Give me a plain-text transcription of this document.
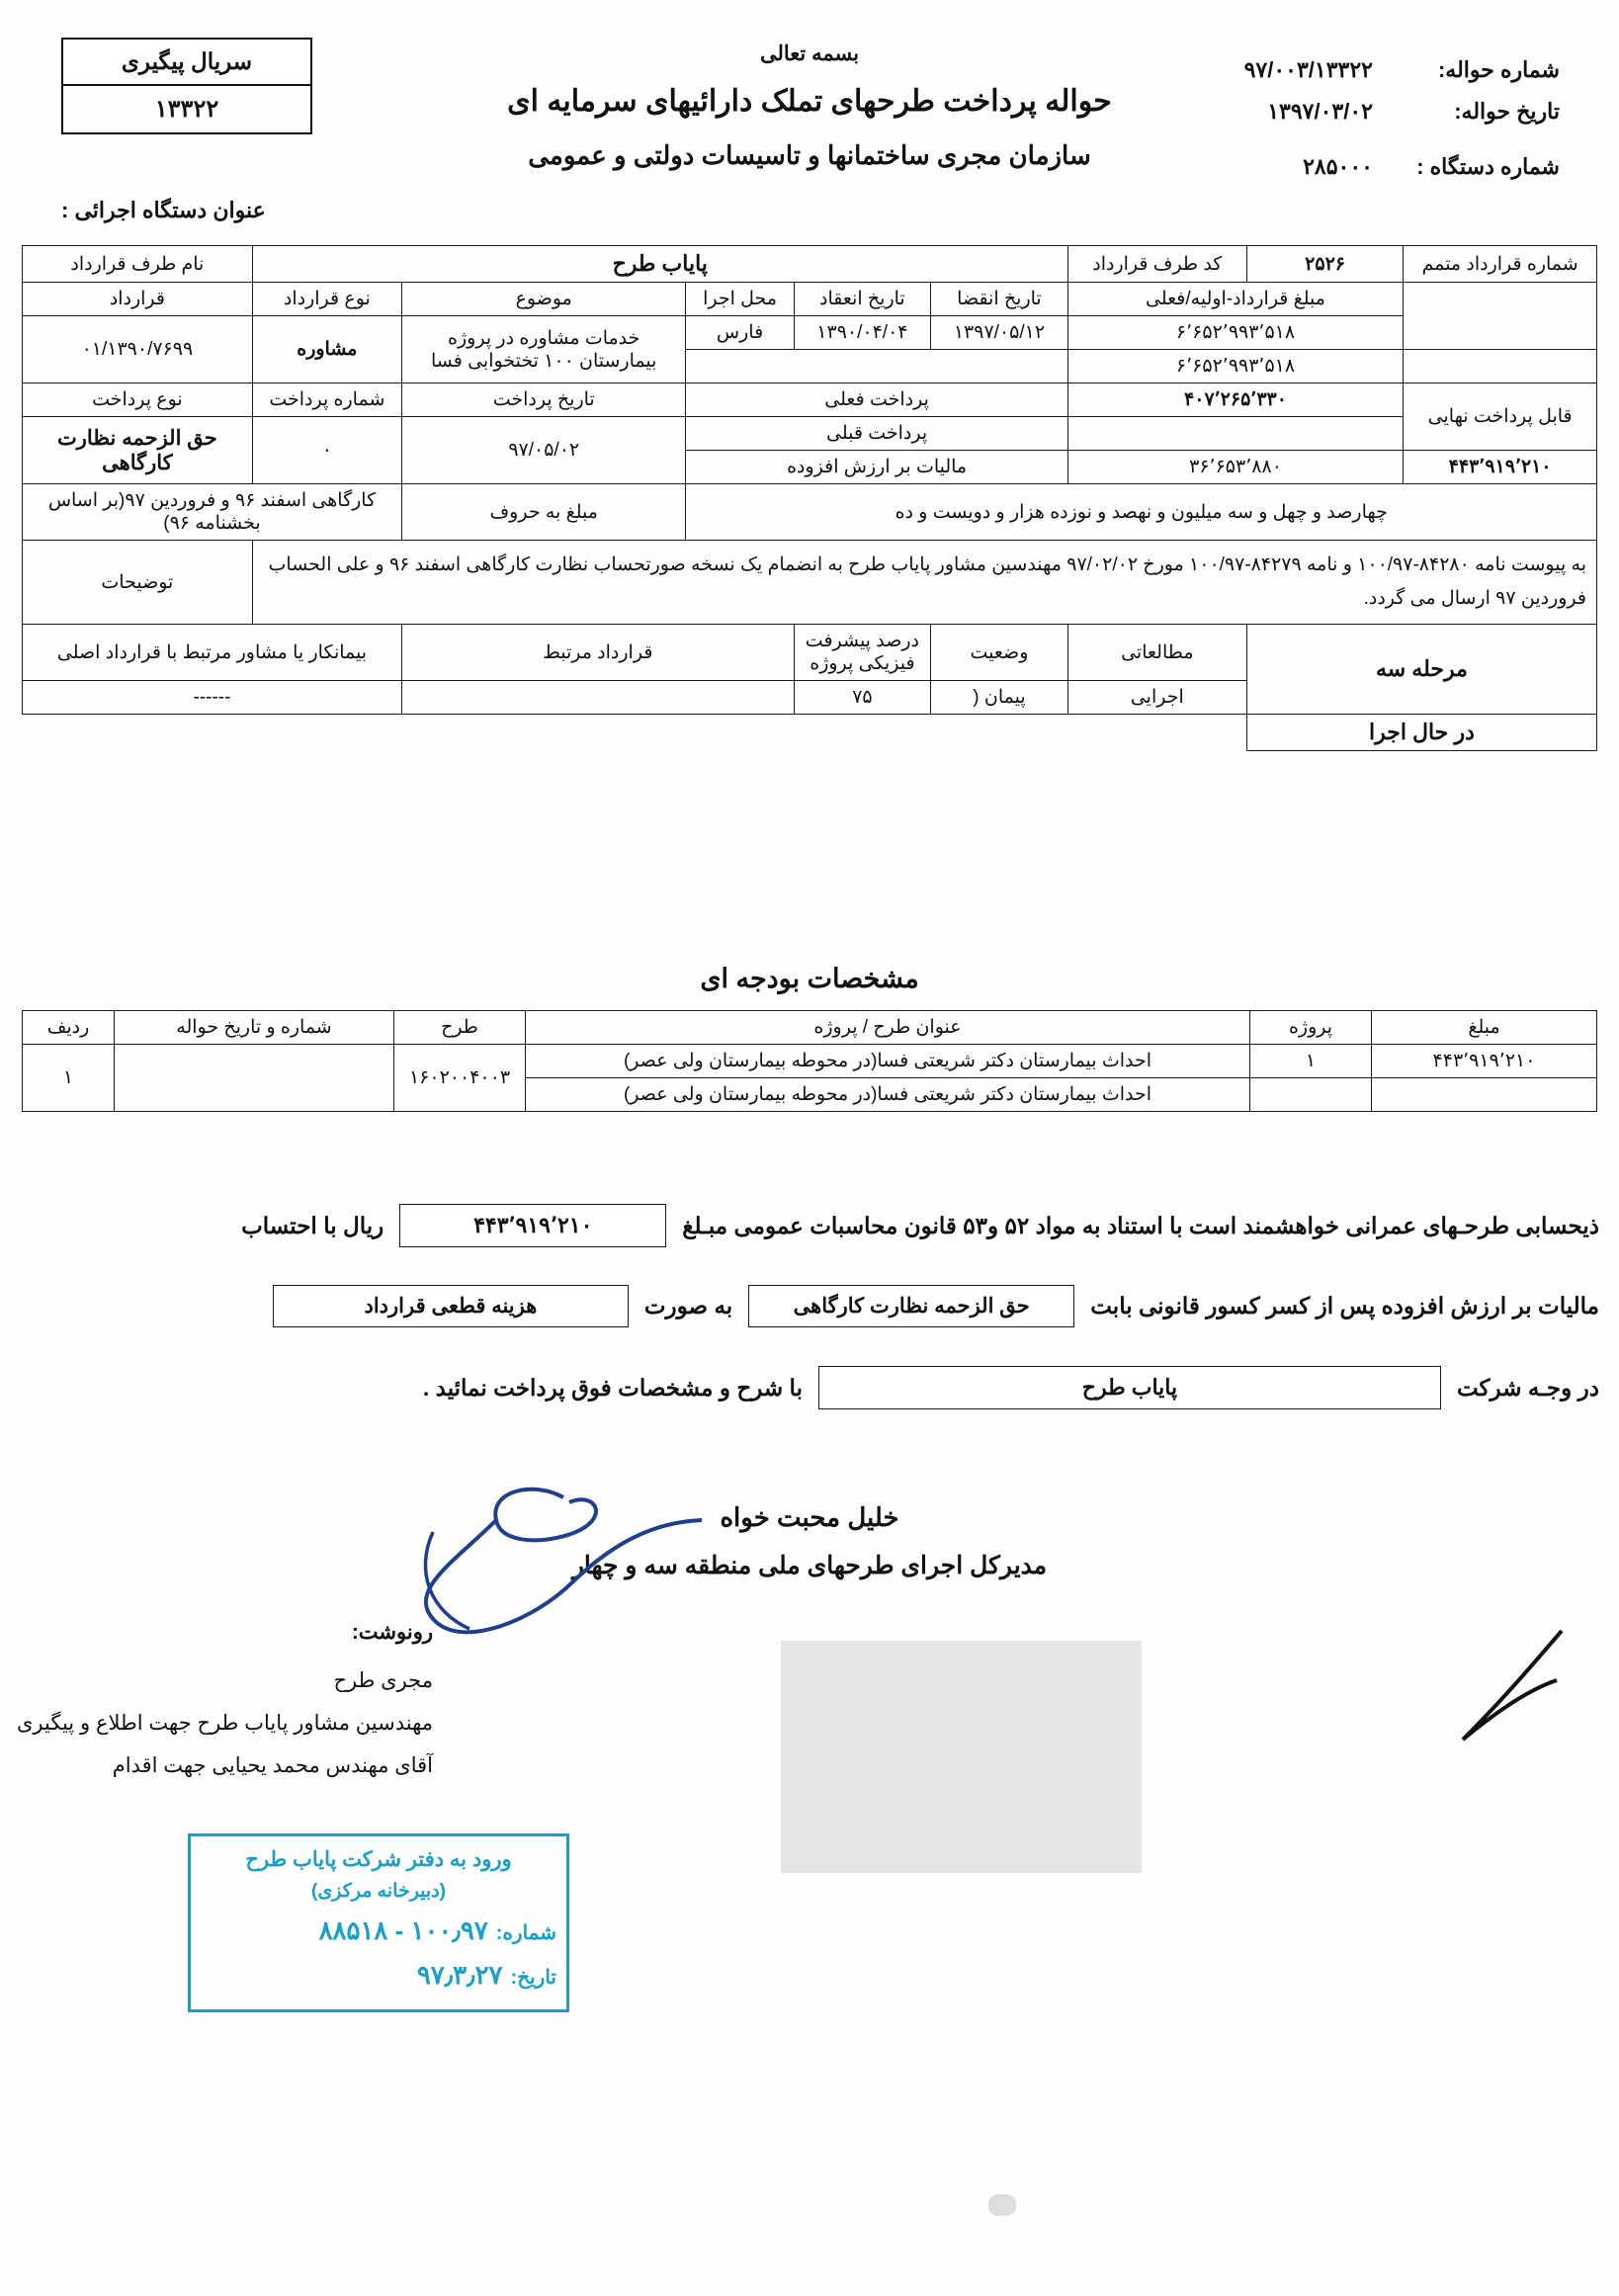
شماره حواله:
۹۷/۰۰۳/۱۳۳۲۲
تاریخ حواله:
۱۳۹۷/۰۳/۰۲
شماره دستگاه :
۲۸۵۰۰۰
بسمه تعالی
حواله پرداخت طرحهای تملک دارائیهای سرمایه ای
سازمان مجری ساختمانها و تاسیسات دولتی و عمومی
سریال پیگیری
۱۳۳۲۲
عنوان دستگاه اجرائی :
شماره قرارداد متمم	۲۵۲۶	کد طرف قرارداد	پایاب طرح					نام طرف قرارداد
	مبلغ قرارداد-اولیه/فعلی		تاریخ انقضا	تاریخ انعقاد	محل اجرا	موضوع	نوع قرارداد	قرارداد
	۶٬۶۵۲٬۹۹۳٬۵۱۸		۱۳۹۷/۰۵/۱۲	۱۳۹۰/۰۴/۰۴	فارس	خدمات مشاوره در پروژه بیمارستان ۱۰۰ تختخوابی فسا	مشاوره	۰۱/۱۳۹۰/۷۶۹۹
	۶٬۶۵۲٬۹۹۳٬۵۱۸							
قابل پرداخت نهایی	۴۰۷٬۲۶۵٬۳۳۰		پرداخت فعلی			تاریخ پرداخت	شماره پرداخت	نوع پرداخت
			پرداخت قبلی			۹۷/۰۵/۰۲	۰	حق الزحمه نظارت کارگاهی
۴۴۳٬۹۱۹٬۲۱۰	۳۶٬۶۵۳٬۸۸۰		مالیات بر ارزش افزوده					
چهارصد و چهل و سه میلیون و نهصد و نوزده هزار و دویست و ده						مبلغ به حروف	کارگاهی اسفند ۹۶ و فروردین ۹۷(بر اساس بخشنامه ۹۶)	
به پیوست نامه ۸۴۲۸۰-۱۰۰/۹۷ و نامه ۸۴۲۷۹-۱۰۰/۹۷ مورخ ۹۷/۰۲/۰۲ مهندسین مشاور پایاب طرح به انضمام یک نسخه صورتحساب نظارت کارگاهی اسفند ۹۶ و علی الحساب فروردین ۹۷ ارسال می گردد.								توضیحات
مرحله سه		مطالعاتی	وضعیت	درصد پیشرفت فیزیکی پروژه	قرارداد مرتبط		بیمانکار یا مشاور مرتبط با قرارداد اصلی	
		اجرایی	پیمان (	۷۵			------	
در حال اجرا								
مشخصات بودجه ای
مبلغ	پروژه	عنوان طرح / پروژه	طرح	شماره و تاریخ حواله	ردیف
۴۴۳٬۹۱۹٬۲۱۰	۱	احداث بیمارستان دکتر شریعتی فسا(در محوطه بیمارستان ولی عصر)	۱۶۰۲۰۰۴۰۰۳		۱
		احداث بیمارستان دکتر شریعتی فسا(در محوطه بیمارستان ولی عصر)			
ذیحسابی طرحـهای عمرانی خواهشمند است با استناد به مواد ۵۲ و۵۳ قانون محاسبات عمومی مبـلغ
۴۴۳٬۹۱۹٬۲۱۰
ریال با احتساب
مالیات بر ارزش افزوده پس از کسر کسور قانونی بابت
حق الزحمه نظارت کارگاهی
به صورت
هزینه قطعی قرارداد
در وجـه شرکت
پایاب طرح
با شرح و مشخصات فوق پرداخت نمائید .
خلیل محبت خواه
مدیرکل اجرای طرحهای ملی منطقه سه و چهار
رونوشت:
مجری طرح
مهندسین مشاور پایاب طرح جهت اطلاع و پیگیری
آقای مهندس محمد یحیایی جهت اقدام
ورود به دفتر شرکت پایاب طرح
(دبیرخانه مرکزی)
شماره:
۱۰۰٫۹۷ - ۸۸۵۱۸
تاریخ:
۹۷٫۳٫۲۷
